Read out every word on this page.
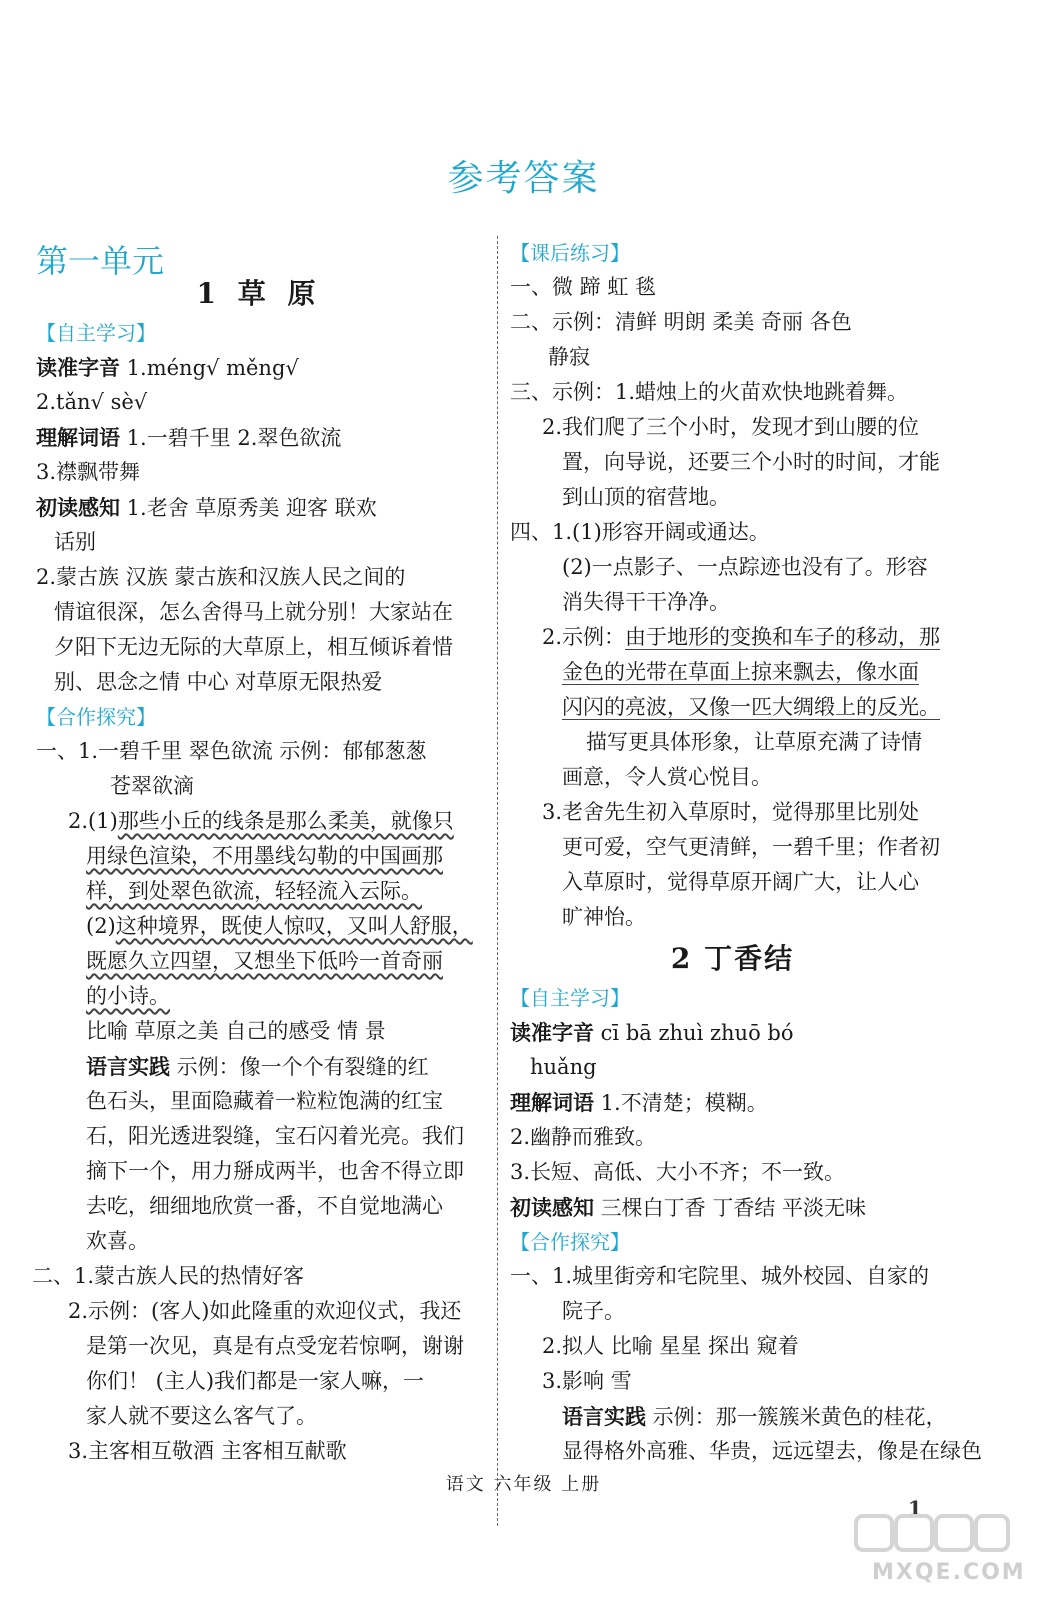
参考答案
第一单元
1 草 原
【自主学习】
读准字音 1.méng√ měng√
2.tǎn√ sè√
理解词语 1.一碧千里 2.翠色欲流
3.襟飘带舞
初读感知 1.老舍 草原秀美 迎客 联欢
话别
2.蒙古族 汉族 蒙古族和汉族人民之间的
情谊很深，怎么舍得马上就分别！大家站在
夕阳下无边无际的大草原上，相互倾诉着惜
别、思念之情 中心 对草原无限热爱
【合作探究】
一、1.一碧千里 翠色欲流 示例：郁郁葱葱
苍翠欲滴
2.(1)那些小丘的线条是那么柔美，就像只
用绿色渲染，不用墨线勾勒的中国画那
样，到处翠色欲流，轻轻流入云际。
(2)这种境界，既使人惊叹，又叫人舒服，
既愿久立四望，又想坐下低吟一首奇丽
的小诗。
比喻 草原之美 自己的感受 情 景
语言实践 示例：像一个个有裂缝的红
色石头，里面隐藏着一粒粒饱满的红宝
石，阳光透进裂缝，宝石闪着光亮。我们
摘下一个，用力掰成两半，也舍不得立即
去吃，细细地欣赏一番，不自觉地满心
欢喜。
二、1.蒙古族人民的热情好客
2.示例：(客人)如此隆重的欢迎仪式，我还
是第一次见，真是有点受宠若惊啊，谢谢
你们！ (主人)我们都是一家人嘛，一
家人就不要这么客气了。
3.主客相互敬酒 主客相互献歌
【课后练习】
一、微 蹄 虹 毯
二、示例：清鲜 明朗 柔美 奇丽 各色
静寂
三、示例：1.蜡烛上的火苗欢快地跳着舞。
2.我们爬了三个小时，发现才到山腰的位
置，向导说，还要三个小时的时间，才能
到山顶的宿营地。
四、1.(1)形容开阔或通达。
(2)一点影子、一点踪迹也没有了。形容
消失得干干净净。
2.示例：由于地形的变换和车子的移动，那
金色的光带在草面上掠来飘去，像水面
闪闪的亮波，又像一匹大绸缎上的反光。
描写更具体形象，让草原充满了诗情
画意，令人赏心悦目。
3.老舍先生初入草原时，觉得那里比别处
更可爱，空气更清鲜，一碧千里；作者初
入草原时，觉得草原开阔广大，让人心
旷神怡。
2 丁香结
【自主学习】
读准字音 cī bā zhuì zhuō bó
huǎng
理解词语 1.不清楚；模糊。
2.幽静而雅致。
3.长短、高低、大小不齐；不一致。
初读感知 三棵白丁香 丁香结 平淡无味
【合作探究】
一、1.城里街旁和宅院里、城外校园、自家的
院子。
2.拟人 比喻 星星 探出 窥着
3.影响 雪
语言实践 示例：那一簇簇米黄色的桂花，
显得格外高雅、华贵，远远望去，像是在绿色
语文 六年级 上册
1
MXQE.COM
